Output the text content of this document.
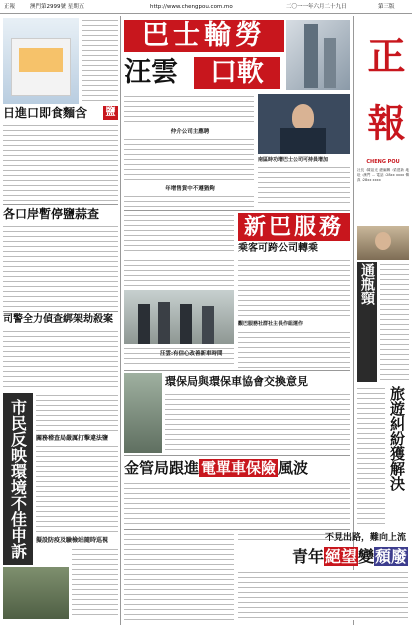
正報	澳門第2999號 星期五	http://www.chengpou.com.mo	二〇一一年六月二十九日	第三版
日進口即食麵含	鹽
各口岸暫停鹽蒜查
司警全力偵查綁架劫殺案
市民反映環境不佳申訴	關務稽查局嚴厲打擊違法鹽
擬設防疫及驗檢站隨時巡視
巴士輸勞
汪雲	口軟
仲介公司主應聘
南區時功增巴士公司可持員增加
年增售貨中不遵猶夠
新巴服務
乘客可跨公司轉乘
觀巴服務社群社主長作組運作
汪雲:有信心改善新車時間
環保局與環保車協會交換意見
金管局跟進 電單車保險 風波
正
報
CHENG POU
社長 :陳祖光 總編輯 :梁建新 地址 :澳門 ... 電話 :28xx xxxx 傳真 :28xx xxxx
通瓶頸
旅遊糾紛獲解決
不見出路，難向上流
青年絕望變頹廢
